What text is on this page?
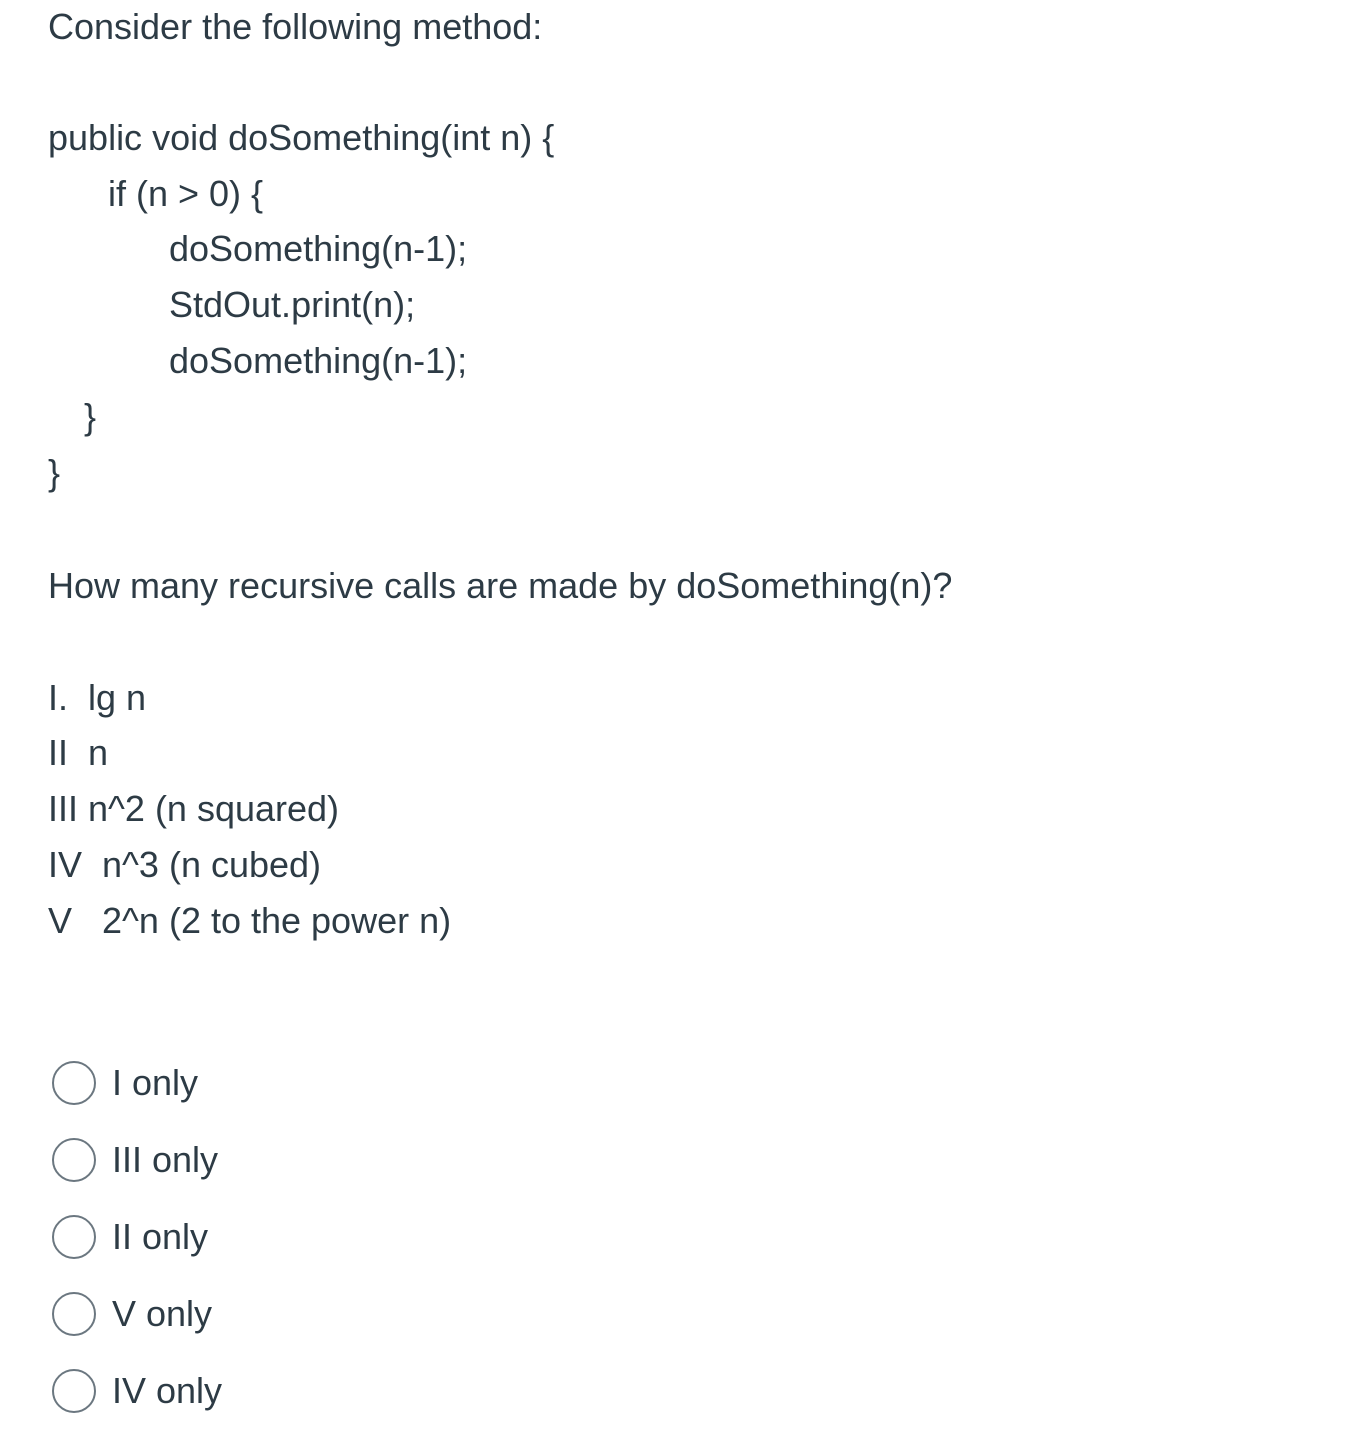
Consider the following method:
public void doSomething(int n) {
if (n > 0) {
doSomething(n-1);
StdOut.print(n);
doSomething(n-1);
}
}
How many recursive calls are made by doSomething(n)?
I.  lg n
II  n
III n^2 (n squared)
IV  n^3 (n cubed)
V   2^n (2 to the power n)
I only
III only
II only
V only
IV only
